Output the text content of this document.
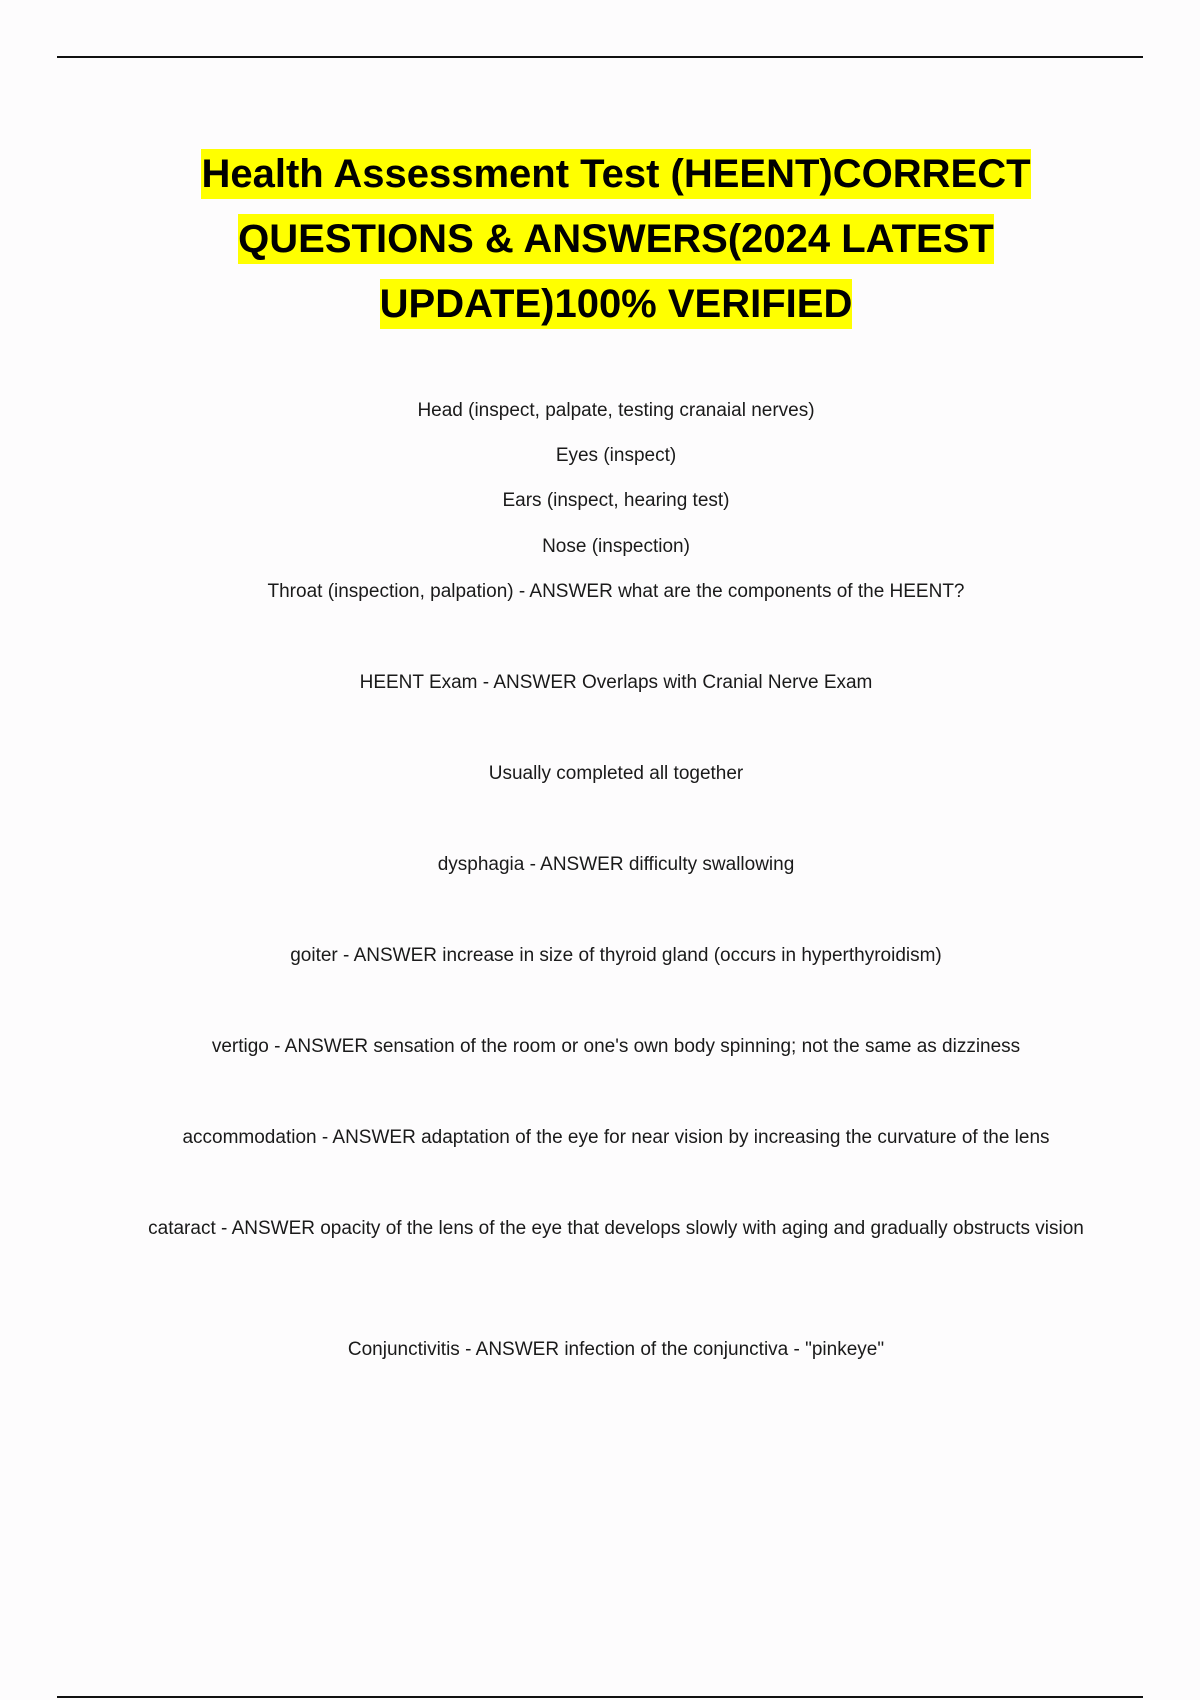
Health Assessment Test (HEENT)CORRECT QUESTIONS & ANSWERS(2024 LATEST UPDATE)100% VERIFIED

Head (inspect, palpate, testing cranaial nerves)

Eyes (inspect)

Ears (inspect, hearing test)

Nose (inspection)

Throat (inspection, palpation) - ANSWER what are the components of the HEENT?

HEENT Exam - ANSWER Overlaps with Cranial Nerve Exam

Usually completed all together

dysphagia - ANSWER difficulty swallowing

goiter - ANSWER increase in size of thyroid gland (occurs in hyperthyroidism)

vertigo - ANSWER sensation of the room or one's own body spinning; not the same as dizziness

accommodation - ANSWER adaptation of the eye for near vision by increasing the curvature of the lens

cataract - ANSWER opacity of the lens of the eye that develops slowly with aging and gradually obstructs vision

Conjunctivitis - ANSWER infection of the conjunctiva - "pinkeye"
